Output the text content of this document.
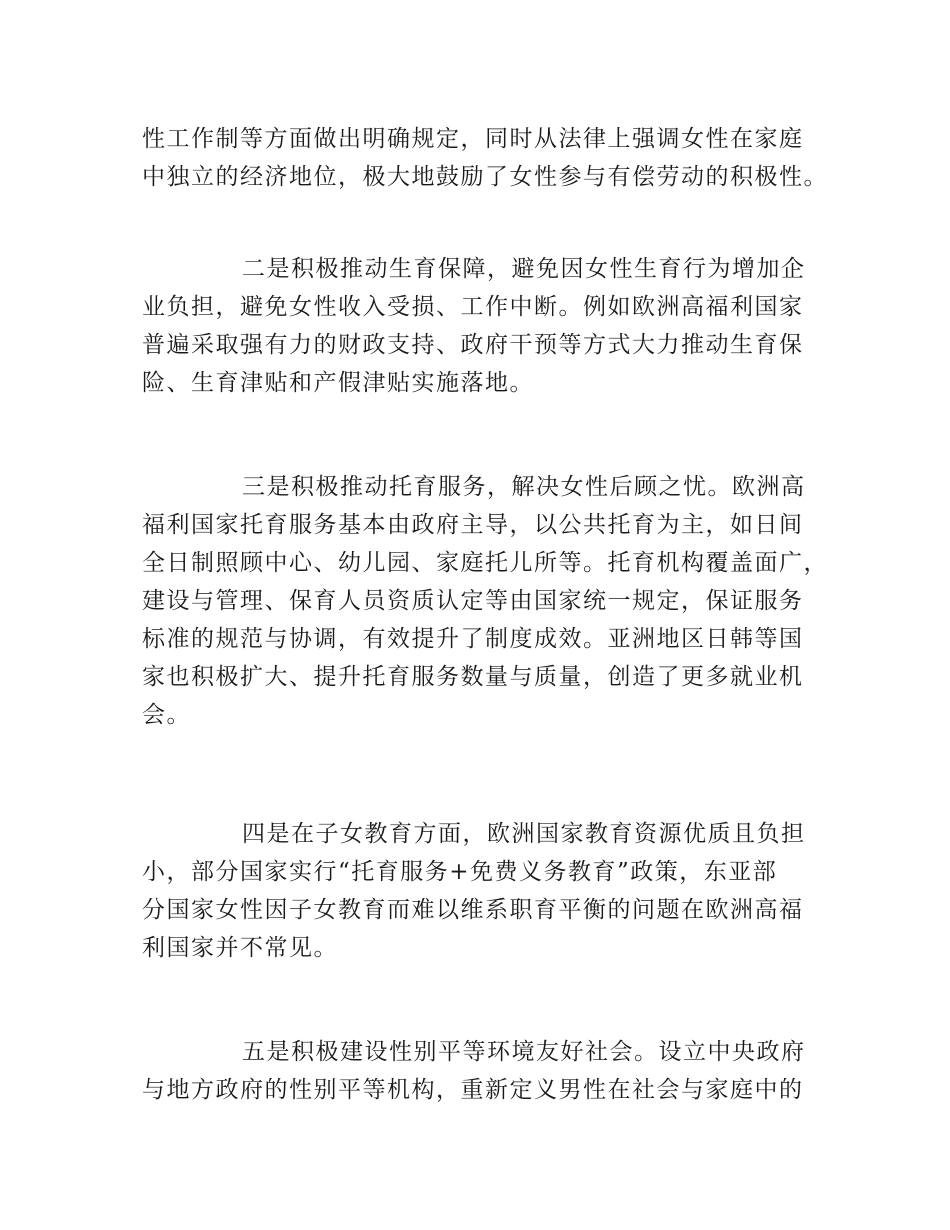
性工作制等方面做出明确规定，同时从法律上强调女性在家庭
中独立的经济地位，极大地鼓励了女性参与有偿劳动的积极性。
二是积极推动生育保障，避免因女性生育行为增加企
业负担，避免女性收入受损、工作中断。例如欧洲高福利国家
普遍采取强有力的财政支持、政府干预等方式大力推动生育保
险、生育津贴和产假津贴实施落地。
三是积极推动托育服务，解决女性后顾之忧。欧洲高
福利国家托育服务基本由政府主导，以公共托育为主，如日间
全日制照顾中心、幼儿园、家庭托儿所等。托育机构覆盖面广，
建设与管理、保育人员资质认定等由国家统一规定，保证服务
标准的规范与协调，有效提升了制度成效。亚洲地区日韩等国
家也积极扩大、提升托育服务数量与质量，创造了更多就业机
会。
四是在子女教育方面，欧洲国家教育资源优质且负担
小，部分国家实行“托育服务+免费义务教育”政策，东亚部
分国家女性因子女教育而难以维系职育平衡的问题在欧洲高福
利国家并不常见。
五是积极建设性别平等环境友好社会。设立中央政府
与地方政府的性别平等机构，重新定义男性在社会与家庭中的
